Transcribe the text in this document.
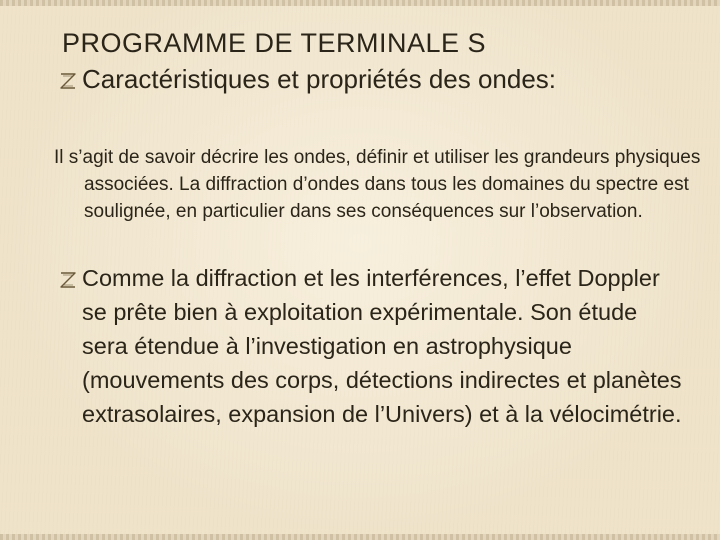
PROGRAMME DE TERMINALE S

Caractéristiques et propriétés des ondes:

Il s’agit de savoir décrire les ondes, définir et utiliser les grandeurs physiques associées. La diffraction d’ondes dans tous les domaines du spectre est soulignée, en particulier dans ses conséquences sur l’observation.

Comme la diffraction et les interférences, l’effet Doppler se prête bien à exploitation expérimentale. Son étude sera étendue à l’investigation en astrophysique (mouvements des corps, détections indirectes et planètes extrasolaires, expansion de l’Univers) et à la vélocimétrie.
